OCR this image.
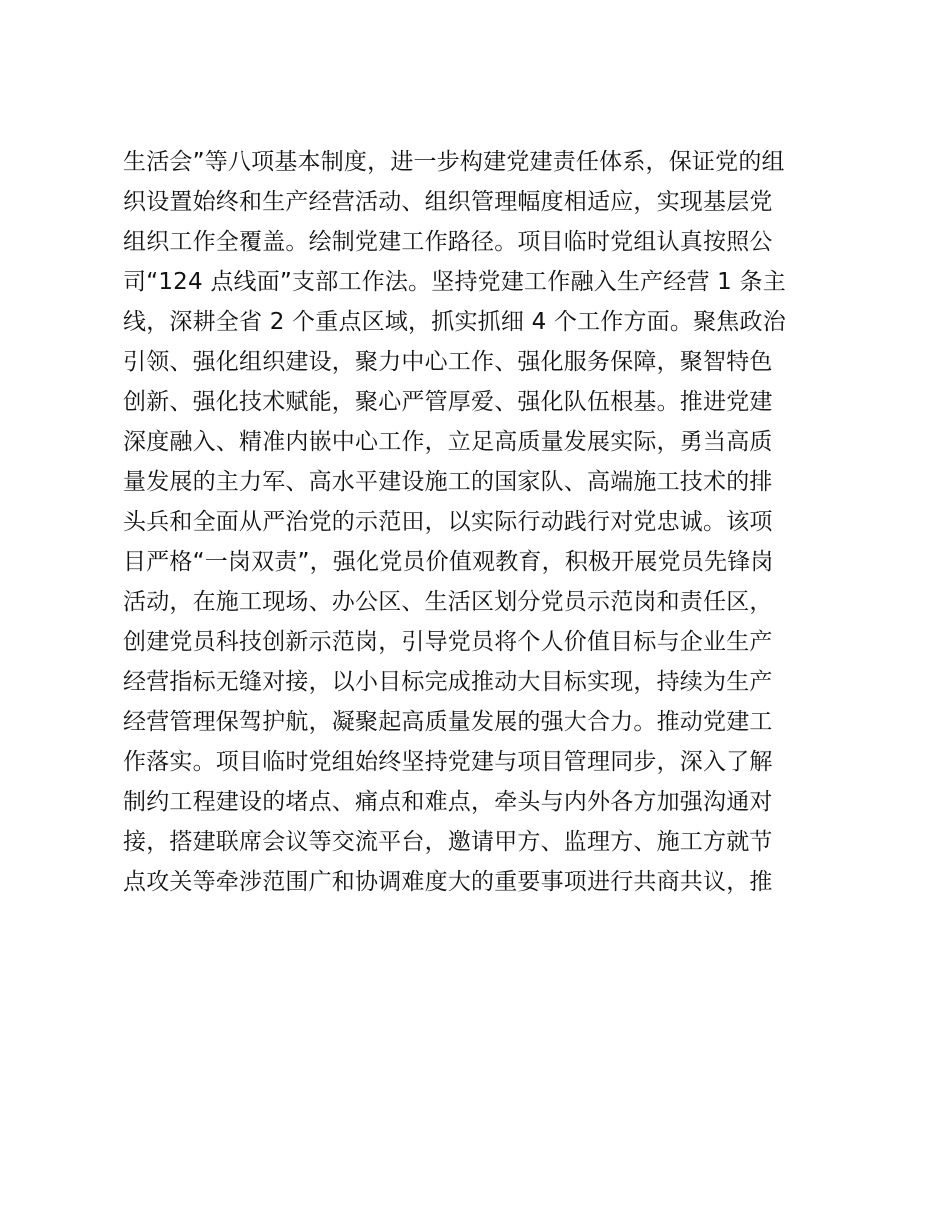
生活会”等八项基本制度，进一步构建党建责任体系，保证党的组
织设置始终和生产经营活动、组织管理幅度相适应，实现基层党
组织工作全覆盖。绘制党建工作路径。项目临时党组认真按照公
司“124 点线面”支部工作法。坚持党建工作融入生产经营 1 条主
线，深耕全省 2 个重点区域，抓实抓细 4 个工作方面。聚焦政治
引领、强化组织建设，聚力中心工作、强化服务保障，聚智特色
创新、强化技术赋能，聚心严管厚爱、强化队伍根基。推进党建
深度融入、精准内嵌中心工作，立足高质量发展实际，勇当高质
量发展的主力军、高水平建设施工的国家队、高端施工技术的排
头兵和全面从严治党的示范田，以实际行动践行对党忠诚。该项
目严格“一岗双责”，强化党员价值观教育，积极开展党员先锋岗
活动，在施工现场、办公区、生活区划分党员示范岗和责任区，
创建党员科技创新示范岗，引导党员将个人价值目标与企业生产
经营指标无缝对接，以小目标完成推动大目标实现，持续为生产
经营管理保驾护航，凝聚起高质量发展的强大合力。推动党建工
作落实。项目临时党组始终坚持党建与项目管理同步，深入了解
制约工程建设的堵点、痛点和难点，牵头与内外各方加强沟通对
接，搭建联席会议等交流平台，邀请甲方、监理方、施工方就节
点攻关等牵涉范围广和协调难度大的重要事项进行共商共议，推
